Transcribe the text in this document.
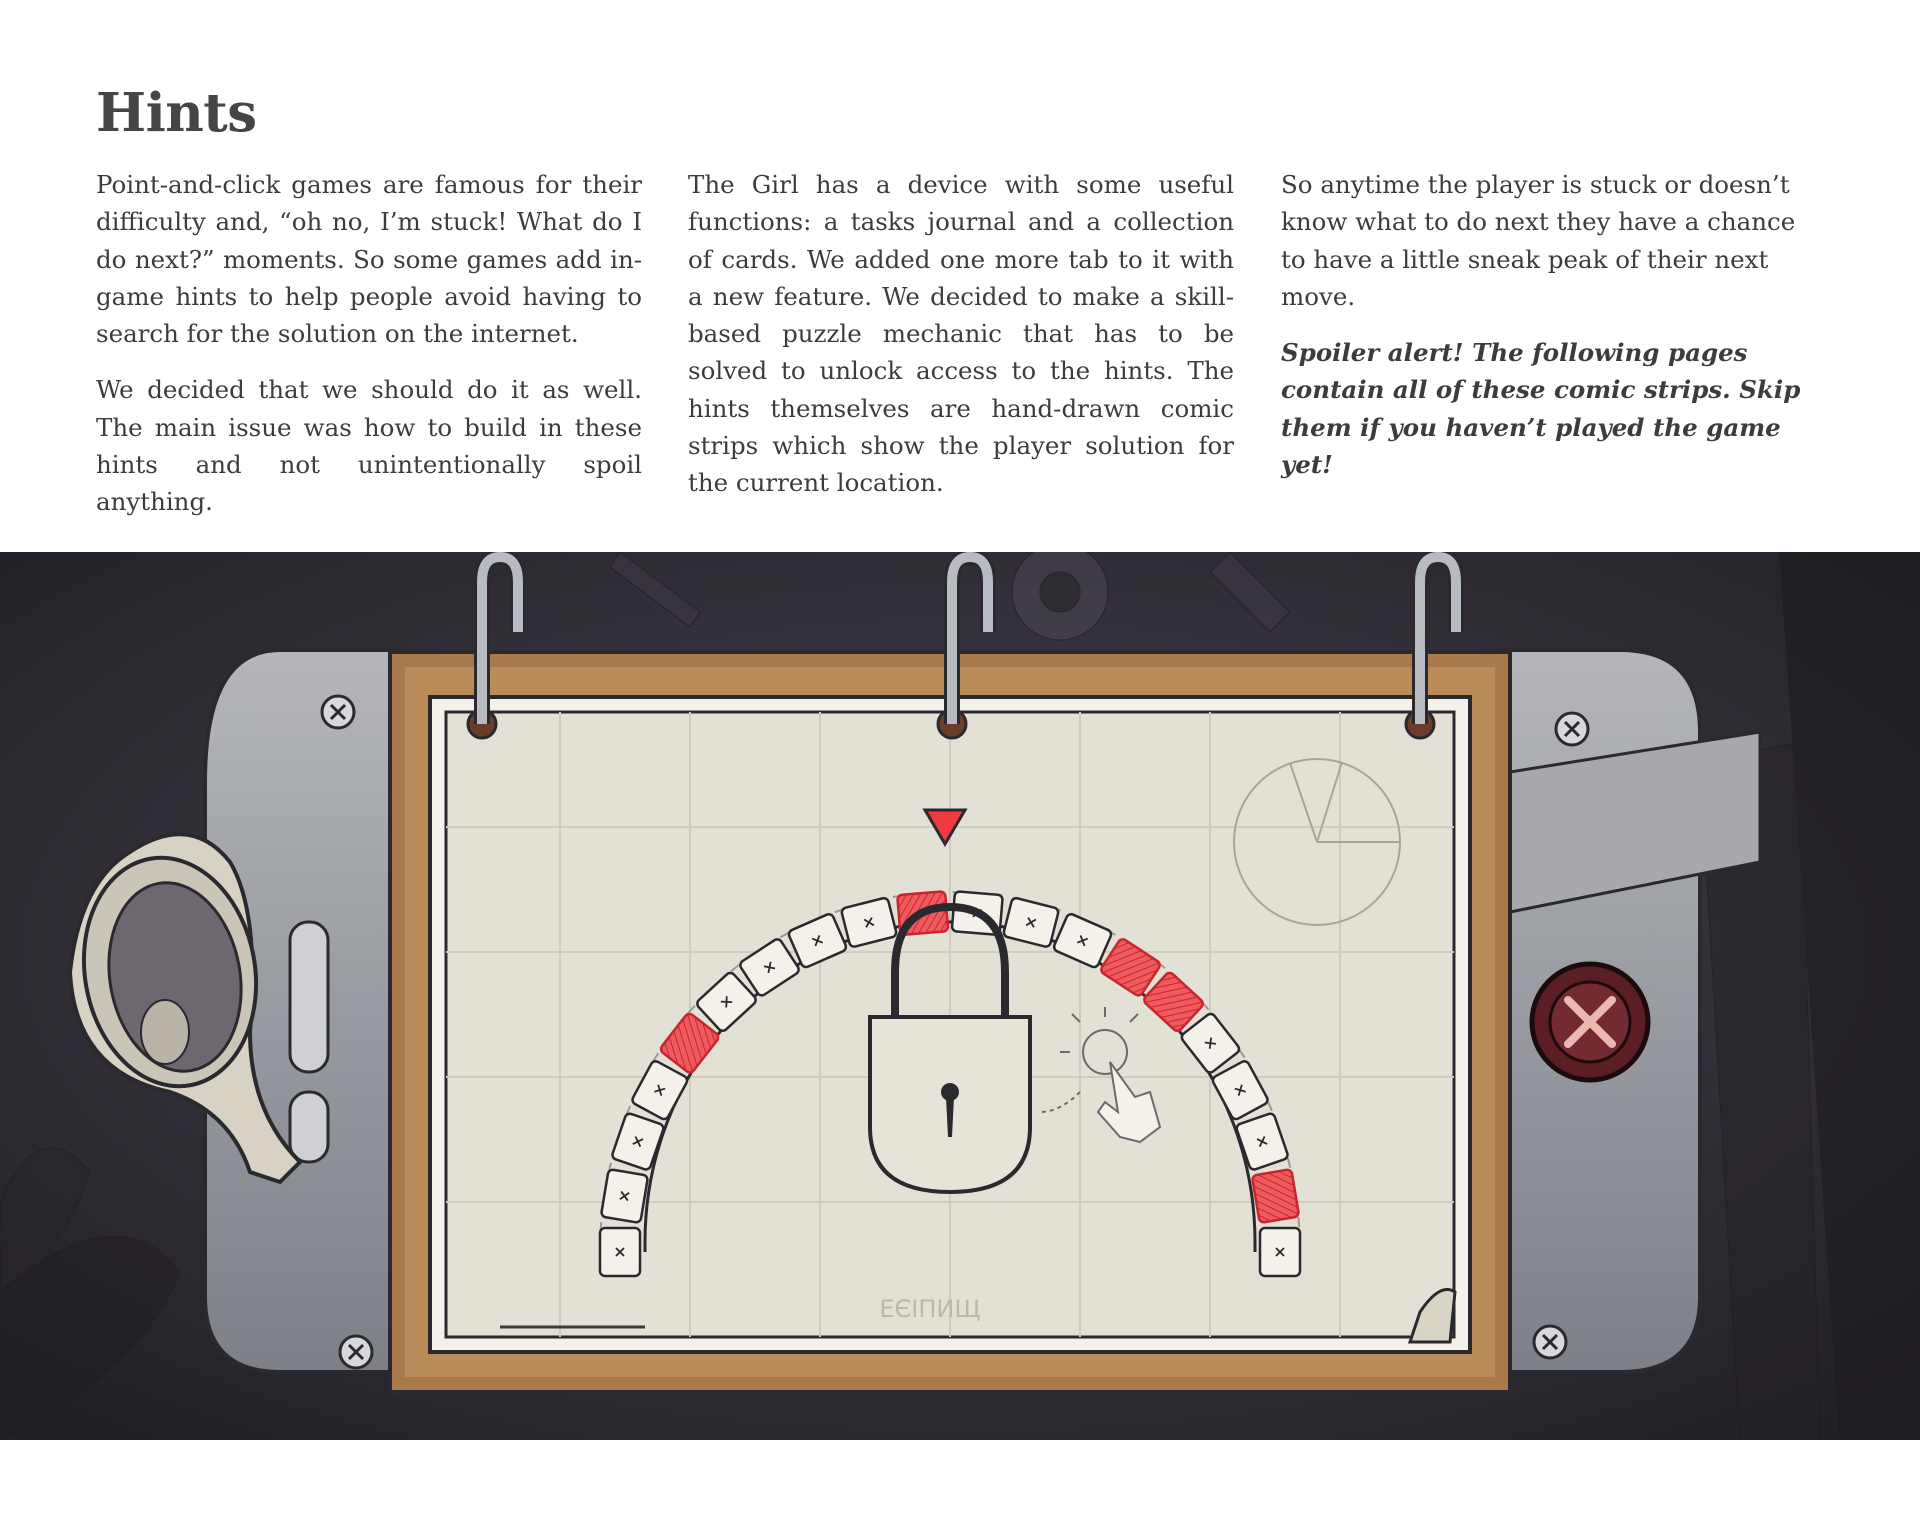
Hints

Point-and-click games are famous for their difficulty and, “oh no, I’m stuck! What do I do next?” moments. So some games add in-game hints to help people avoid having to search for the solution on the internet.

We decided that we should do it as well. The main issue was how to build in these hints and not unintentionally spoil anything.

The Girl has a device with some useful functions: a tasks journal and a collection of cards. We added one more tab to it with a new feature. We decided to make a skill-based puzzle mechanic that has to be solved to unlock access to the hints. The hints themselves are hand-drawn comic strips which show the player solution for the current location.

So anytime the player is stuck or doesn’t know what to do next they have a chance to have a little sneak peak of their next move.

Spoiler alert! The following pages contain all of these comic strips. Skip them if you haven’t played the game yet!

ЕЄΙПИЩ
